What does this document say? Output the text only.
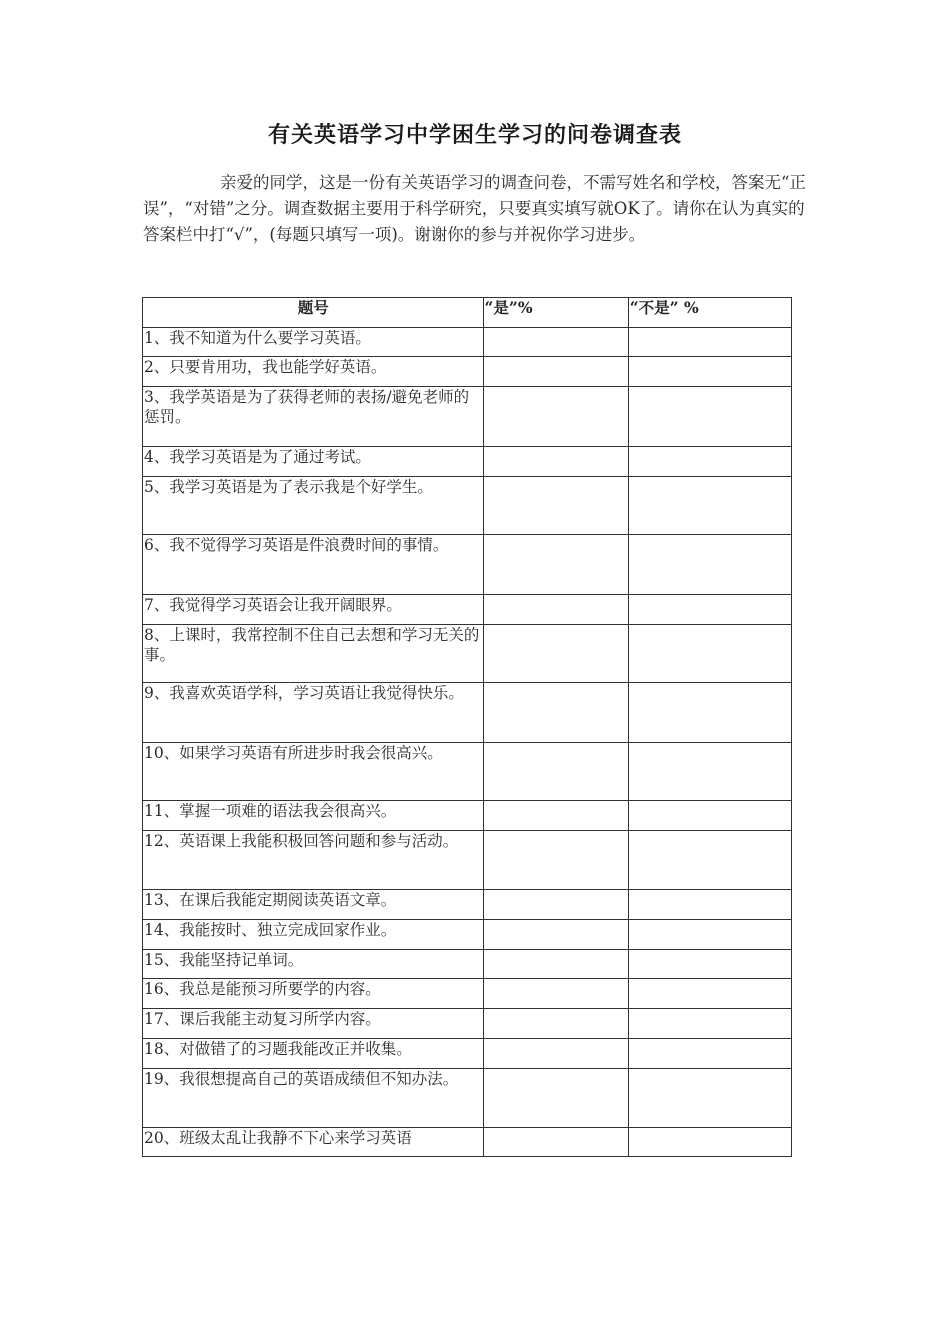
有关英语学习中学困生学习的问卷调查表
亲爱的同学，这是一份有关英语学习的调查问卷，不需写姓名和学校，答案无“正误”，“对错”之分。调查数据主要用于科学研究，只要真实填写就OK了。请你在认为真实的答案栏中打“√”，(每题只填写一项)。谢谢你的参与并祝你学习进步。
题号	“是”%	“不是” %
1、我不知道为什么要学习英语。		
2、只要肯用功，我也能学好英语。		
3、我学英语是为了获得老师的表扬/避免老师的惩罚。		
4、我学习英语是为了通过考试。		
5、我学习英语是为了表示我是个好学生。		
6、我不觉得学习英语是件浪费时间的事情。		
7、我觉得学习英语会让我开阔眼界。		
8、上课时，我常控制不住自己去想和学习无关的事。		
9、我喜欢英语学科，学习英语让我觉得快乐。		
10、如果学习英语有所进步时我会很高兴。		
11、掌握一项难的语法我会很高兴。		
12、英语课上我能积极回答问题和参与活动。		
13、在课后我能定期阅读英语文章。		
14、我能按时、独立完成回家作业。		
15、我能坚持记单词。		
16、我总是能预习所要学的内容。		
17、课后我能主动复习所学内容。		
18、对做错了的习题我能改正并收集。		
19、我很想提高自己的英语成绩但不知办法。		
20、班级太乱让我静不下心来学习英语		
